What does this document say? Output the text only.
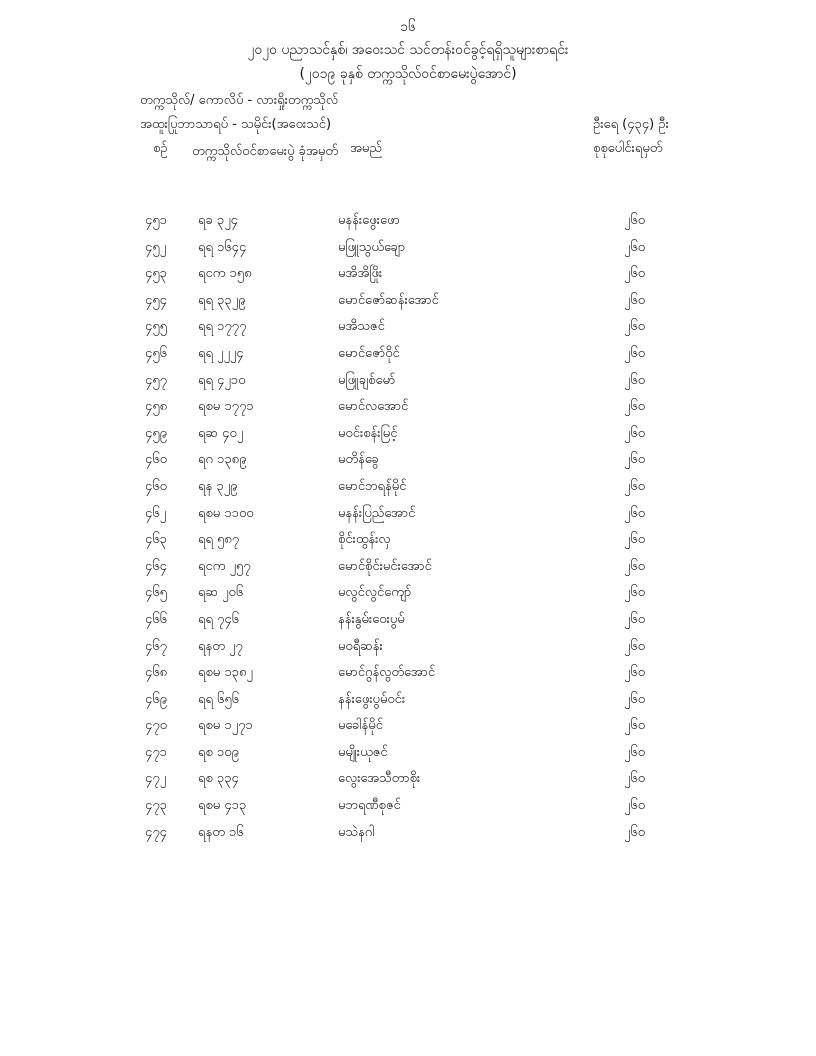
၁၆
၂၀၂၀ ပညာသင်နှစ်၊ အဝေးသင် သင်တန်းဝင်ခွင့်ရရှိသူများစာရင်း
(၂၀၁၉ ခုနှစ် တက္ကသိုလ်ဝင်စာမေးပွဲအောင်)
တက္ကသိုလ်/ ကောလိပ် - လားရှိုးတက္ကသိုလ်
အထူးပြုဘာသာရပ် - သမိုင်း(အဝေးသင်)	ဦးရေ (၄၃၄) ဦး
စဉ် တက္ကသိုလ်ဝင်စာမေးပွဲ ခုံအမှတ် အမည်	စုစုပေါင်းရမှတ်
၄၅၁ ရခ ၃၂၄	မနန်းဖွေးဖော	၂၆၀
၄၅၂ ရရ ၁၆၄၄	မဖြူသွယ်ချော	၂၆၀
၄၅၃ ရငက ၁၅၈	မအိအိဖြိုး	၂၆၀
၄၅၄ ရရ ၃၃၂၉	မောင်ဇော်ဆန်းအောင်	၂၆၀
၄၅၅ ရရ ၁၇၇၇	မအိသဇင်	၂၆၀
၄၅၆ ရရ ၂၂၂၄	မောင်ဇော်ဝိုင်	၂၆၀
၄၅၇ ရရ ၄၂၁၀	မဖြူချစ်မော်	၂၆၀
၄၅၈ ရစမ ၁၇၇၁	မောင်လအောင်	၂၆၀
၄၅၉ ရဆ ၄၀၂	မဝင်းစန်းမြင့်	၂၆၀
၄၆၀ ရဂ ၁၃၈၉	မတိန်ခွေ	၂၆၀
၄၆၀ ရန ၃၂၉	မောင်ဘရန်မိုင်	၂၆၀
၄၆၂ ရစမ ၁၁၀၀	မနန်းပြည်အောင်	၂၆၀
၄၆၃ ရရ ၅၈၇	စိုင်းထွန်းလှ	၂၆၀
၄၆၄ ရငက ၂၅၇	မောင်စိုင်းမင်းအောင်	၂၆၀
၄၆၅ ရဆ ၂၀၆	မလွင်လွင်ကျော်	၂၆၀
၄၆၆ ရရ ၇၄၆	နန်းနွမ်းဝေးပွမ်	၂၆၀
၄၆၇ ရနတ ၂၇	မဝရီဆန်း	၂၆၀
၄၆၈ ရစမ ၁၃၈၂	မောင်ဂွန်လွတ်အောင်	၂၆၀
၄၆၉ ရရ ၆၅၆	နန်းဖွေးပွမ်ဝင်း	၂၆၀
၄၇၀ ရစမ ၁၂၇၁	မခေါန်မိုင်	၂၆၀
၄၇၁ ရစ ၁၀၉	မမျိုးယုဇင်	၂၆၀
၄၇၂ ရစ ၃၃၄	လွေးအေသီတာစိုး	၂၆၀
၄၇၃ ရစမ ၄၁၃	မဘရဏီစုဇင်	၂၆၀
၄၇၄ ရနတ ၁၆	မသဲနဂါ	၂၆၀
